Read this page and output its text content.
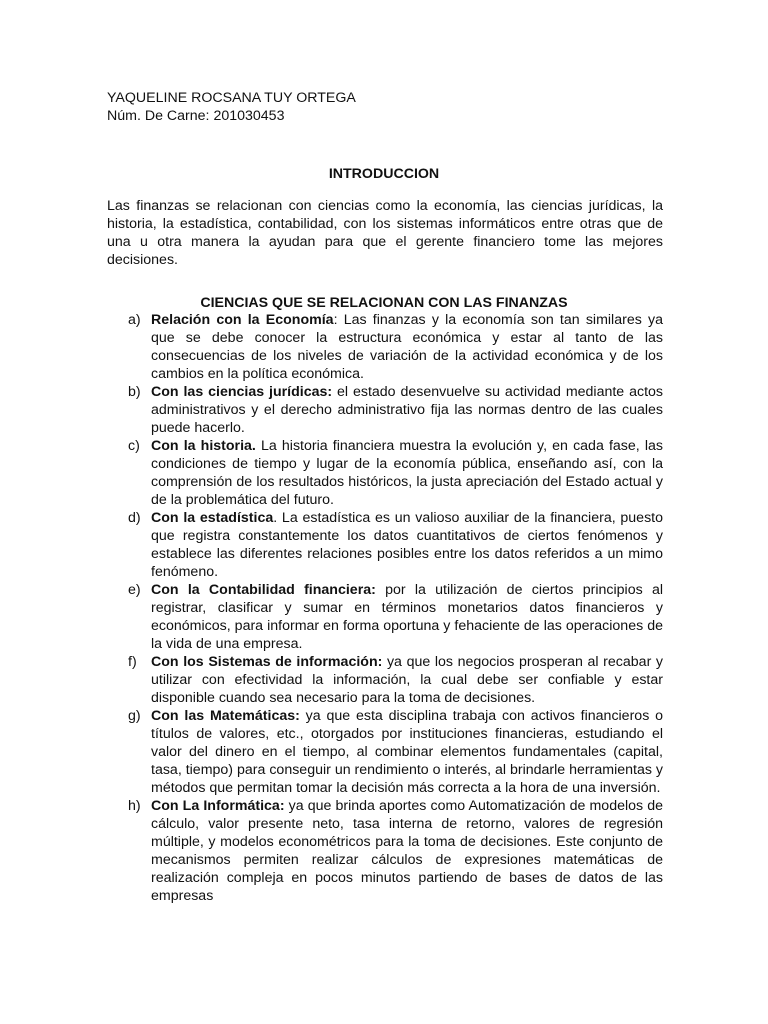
YAQUELINE ROCSANA TUY ORTEGA
Núm. De Carne: 201030453
INTRODUCCION
Las finanzas se relacionan con ciencias como la economía, las ciencias jurídicas, la historia, la estadística, contabilidad, con los sistemas informáticos entre otras que de una u otra manera la ayudan para que el gerente financiero tome las mejores decisiones.
CIENCIAS QUE SE RELACIONAN CON LAS FINANZAS
a) Relación con la Economía: Las finanzas y la economía son tan similares ya que se debe conocer la estructura económica y estar al tanto de las consecuencias de los niveles de variación de la actividad económica y de los cambios en la política económica.
b) Con las ciencias jurídicas: el estado desenvuelve su actividad mediante actos administrativos y el derecho administrativo fija las normas dentro de las cuales puede hacerlo.
c) Con la historia. La historia financiera muestra la evolución y, en cada fase, las condiciones de tiempo y lugar de la economía pública, enseñando así, con la comprensión de los resultados históricos, la justa apreciación del Estado actual y de la problemática del futuro.
d) Con la estadística. La estadística es un valioso auxiliar de la financiera, puesto que registra constantemente los datos cuantitativos de ciertos fenómenos y establece las diferentes relaciones posibles entre los datos referidos a un mimo fenómeno.
e) Con la Contabilidad financiera: por la utilización de ciertos principios al registrar, clasificar y sumar en términos monetarios datos financieros y económicos, para informar en forma oportuna y fehaciente de las operaciones de la vida de una empresa.
f) Con los Sistemas de información: ya que los negocios prosperan al recabar y utilizar con efectividad la información, la cual debe ser confiable y estar disponible cuando sea necesario para la toma de decisiones.
g) Con las Matemáticas: ya que esta disciplina trabaja con activos financieros o títulos de valores, etc., otorgados por instituciones financieras, estudiando el valor del dinero en el tiempo, al combinar elementos fundamentales (capital, tasa, tiempo) para conseguir un rendimiento o interés, al brindarle herramientas y métodos que permitan tomar la decisión más correcta a la hora de una inversión.
h) Con La Informática: ya que brinda aportes como Automatización de modelos de cálculo, valor presente neto, tasa interna de retorno, valores de regresión múltiple, y modelos econométricos para la toma de decisiones. Este conjunto de mecanismos permiten realizar cálculos de expresiones matemáticas de realización compleja en pocos minutos partiendo de bases de datos de las empresas
